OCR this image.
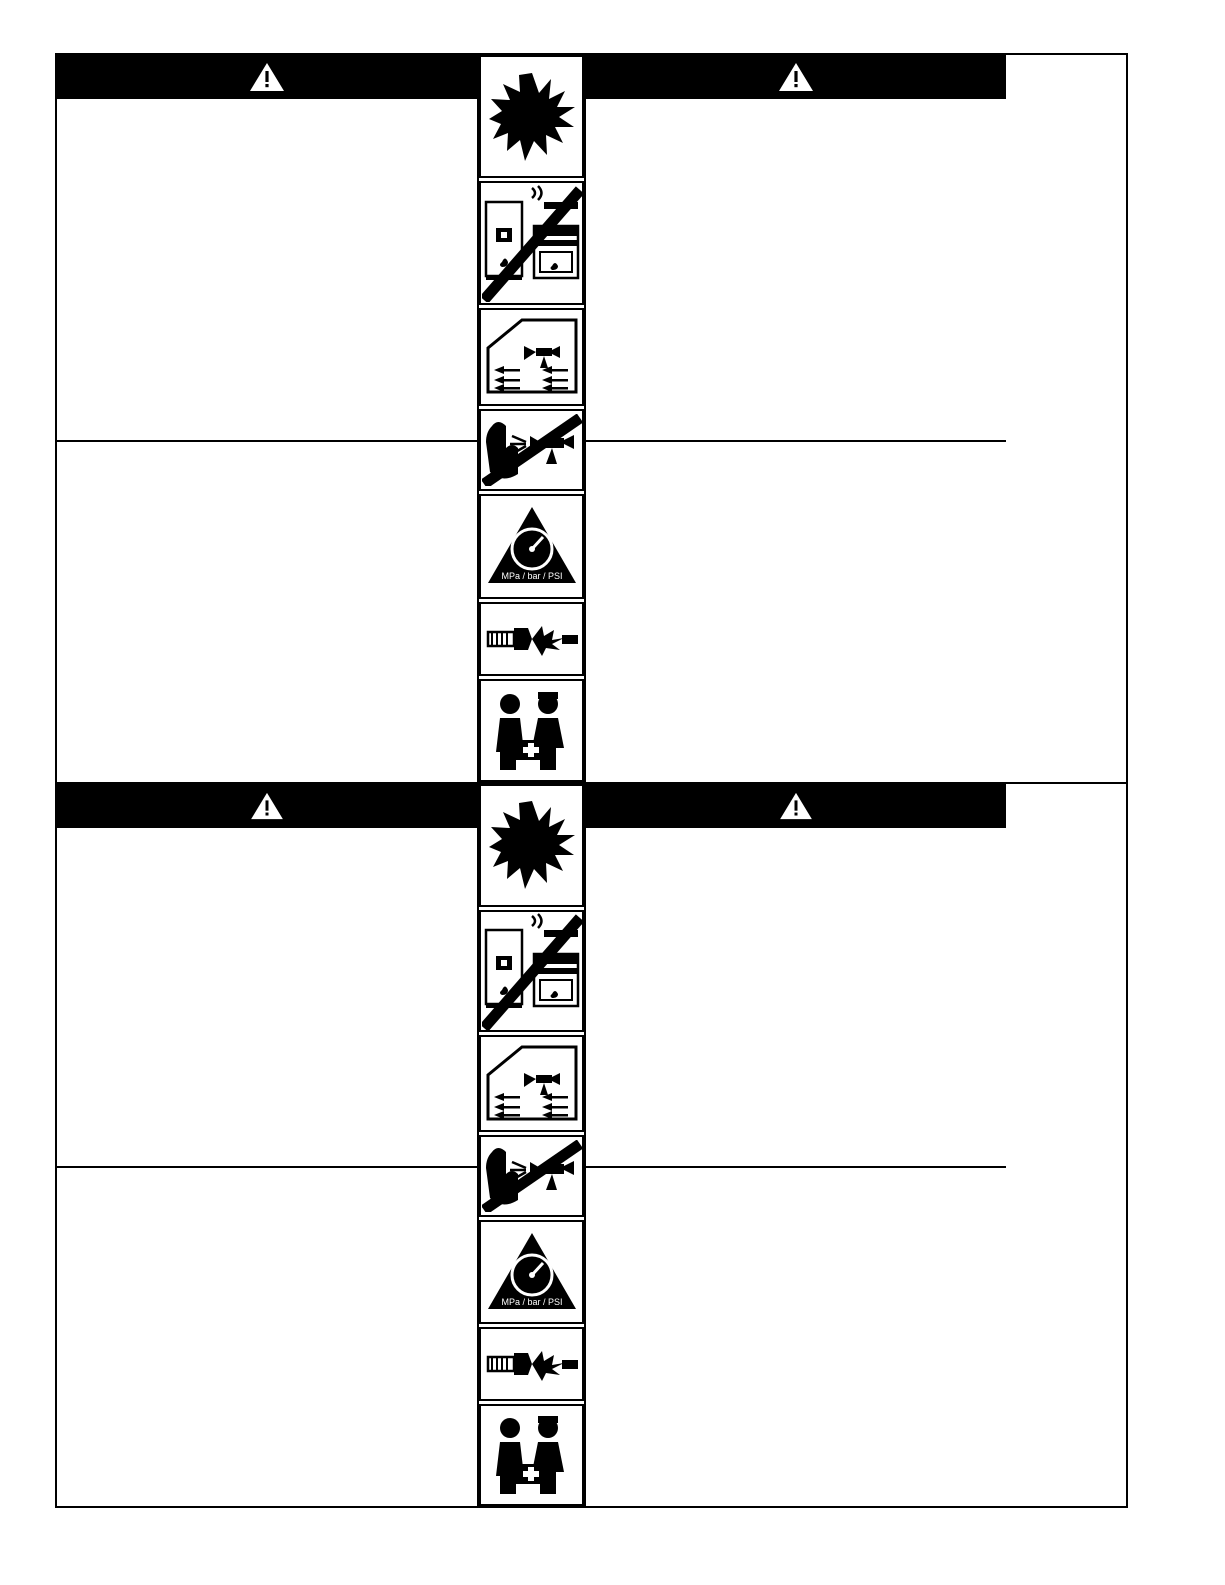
MPa / bar / PSI
MPa / bar / PSI
